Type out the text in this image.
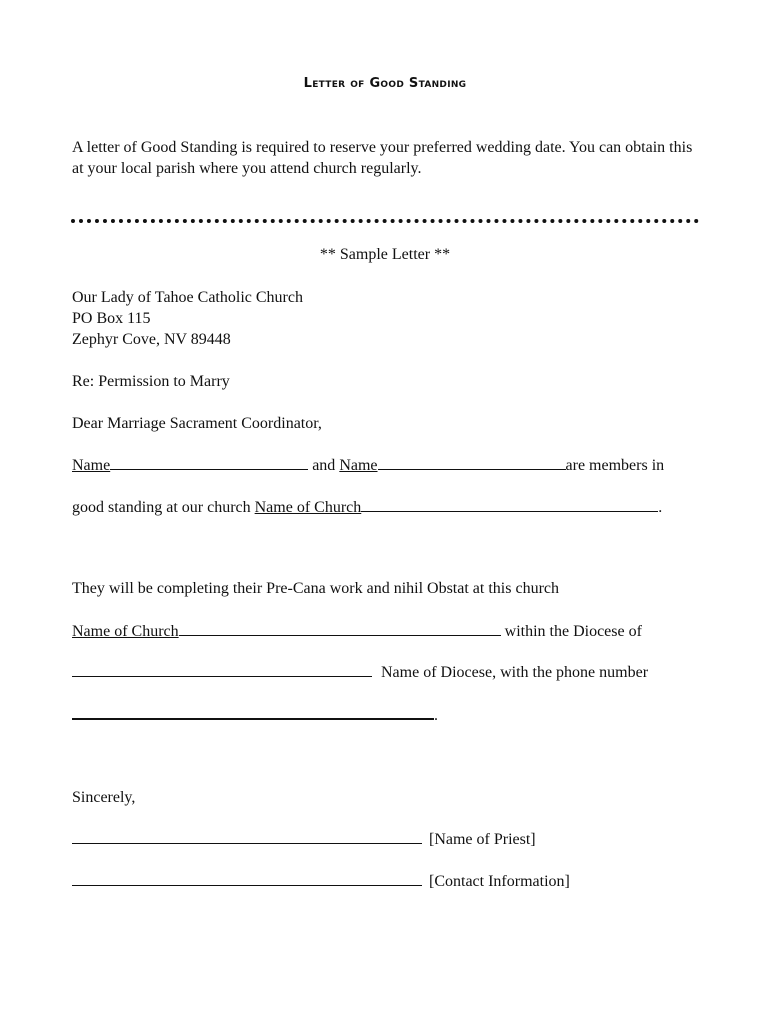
Letter of Good Standing
A letter of Good Standing is required to reserve your preferred wedding date. You can obtain this at your local parish where you attend church regularly.
** Sample Letter **
Our Lady of Tahoe Catholic Church
PO Box 115
Zephyr Cove, NV 89448
Re: Permission to Marry
Dear Marriage Sacrament Coordinator,
Name	and Name	are members in
good standing at our church Name of Church	.
They will be completing their Pre-Cana work and nihil Obstat at this church
Name of Church	within the Diocese of
Name of Diocese, with the phone number
.
Sincerely,
[Name of Priest]
[Contact Information]
